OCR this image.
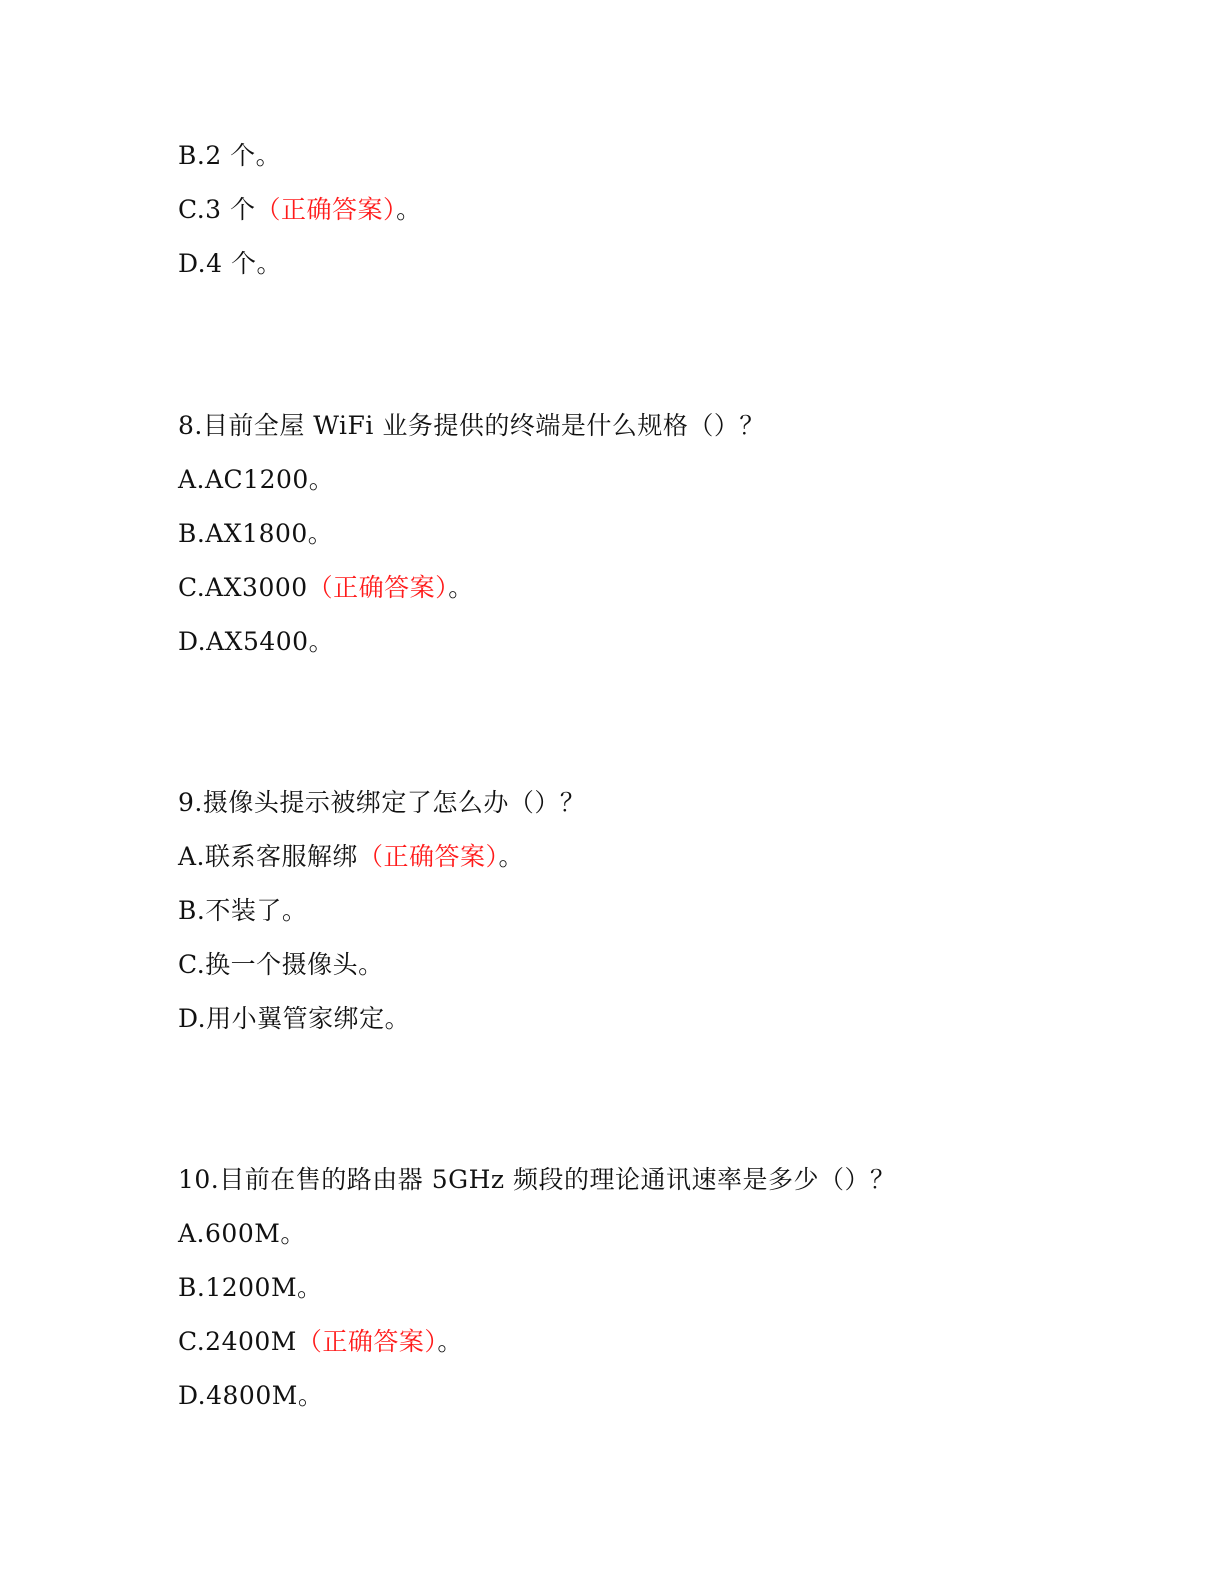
B.2 个。
C.3 个（正确答案）。
D.4 个。
8.目前全屋 WiFi 业务提供的终端是什么规格（）？
A.AC1200。
B.AX1800。
C.AX3000（正确答案）。
D.AX5400。
9.摄像头提示被绑定了怎么办（）？
A.联系客服解绑（正确答案）。
B.不装了。
C.换一个摄像头。
D.用小翼管家绑定。
10.目前在售的路由器 5GHz 频段的理论通讯速率是多少（）？
A.600M。
B.1200M。
C.2400M（正确答案）。
D.4800M。
